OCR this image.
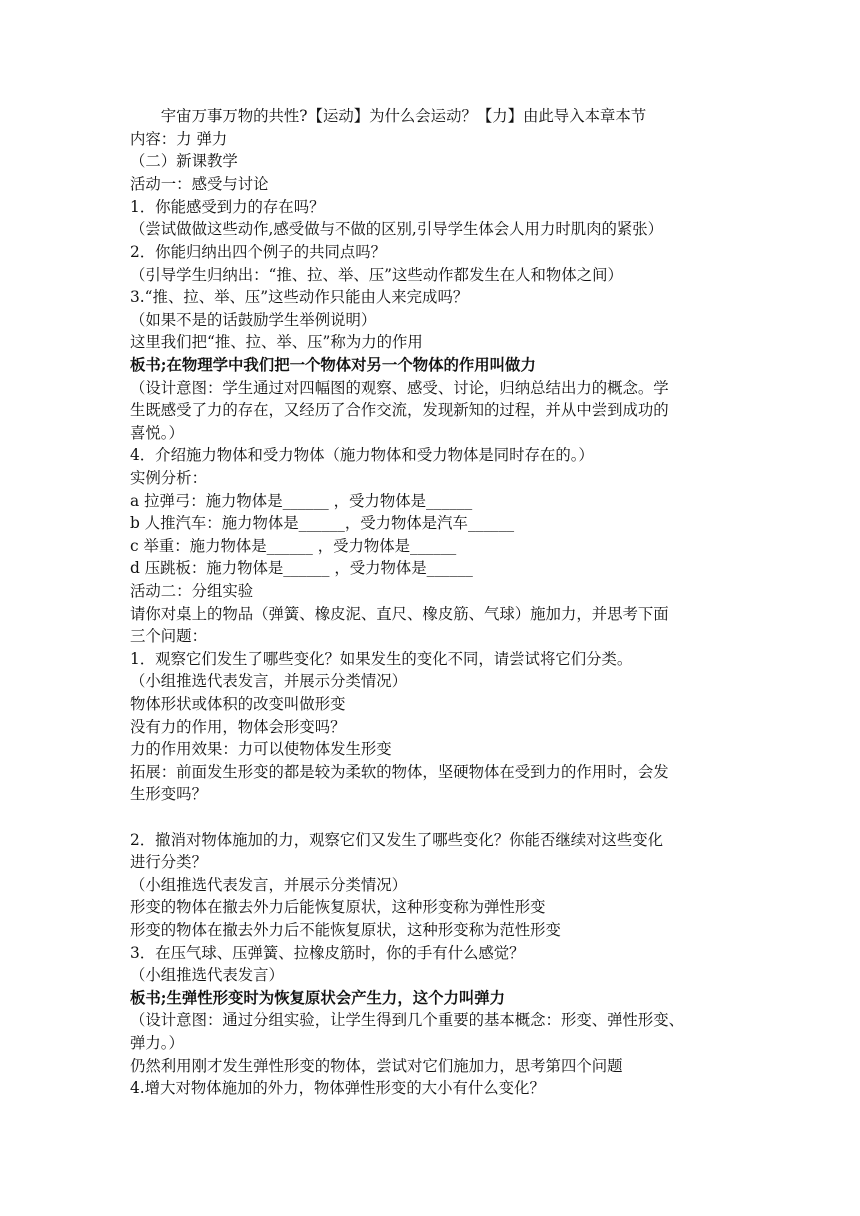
　　宇宙万事万物的共性?【运动】为什么会运动？【力】由此导入本章本节
内容：力 弹力
（二）新课教学
活动一：感受与讨论
1．你能感受到力的存在吗？
（尝试做做这些动作,感受做与不做的区别,引导学生体会人用力时肌肉的紧张）
2．你能归纳出四个例子的共同点吗？
（引导学生归纳出：“推、拉、举、压”这些动作都发生在人和物体之间）
3.“推、拉、举、压”这些动作只能由人来完成吗？
（如果不是的话鼓励学生举例说明）
这里我们把“推、拉、举、压”称为力的作用
板书;在物理学中我们把一个物体对另一个物体的作用叫做力
（设计意图：学生通过对四幅图的观察、感受、讨论，归纳总结出力的概念。学
生既感受了力的存在，又经历了合作交流，发现新知的过程，并从中尝到成功的
喜悦。）
4．介绍施力物体和受力物体（施力物体和受力物体是同时存在的。）
实例分析：
a 拉弹弓：施力物体是______ ，受力物体是______
b 人推汽车：施力物体是______，受力物体是汽车______
c 举重：施力物体是______ ，受力物体是______
d 压跳板：施力物体是______ ，受力物体是______
活动二：分组实验
请你对桌上的物品（弹簧、橡皮泥、直尺、橡皮筋、气球）施加力，并思考下面
三个问题：
1．观察它们发生了哪些变化？如果发生的变化不同，请尝试将它们分类。
（小组推选代表发言，并展示分类情况）
物体形状或体积的改变叫做形变
没有力的作用，物体会形变吗？
力的作用效果：力可以使物体发生形变
拓展：前面发生形变的都是较为柔软的物体，坚硬物体在受到力的作用时，会发
生形变吗？
2．撤消对物体施加的力，观察它们又发生了哪些变化？你能否继续对这些变化
进行分类？
（小组推选代表发言，并展示分类情况）
形变的物体在撤去外力后能恢复原状，这种形变称为弹性形变
形变的物体在撤去外力后不能恢复原状，这种形变称为范性形变
3．在压气球、压弹簧、拉橡皮筋时，你的手有什么感觉？
（小组推选代表发言）
板书;生弹性形变时为恢复原状会产生力，这个力叫弹力
（设计意图：通过分组实验，让学生得到几个重要的基本概念：形变、弹性形变、
弹力。）
仍然利用刚才发生弹性形变的物体，尝试对它们施加力，思考第四个问题
4.增大对物体施加的外力，物体弹性形变的大小有什么变化？
